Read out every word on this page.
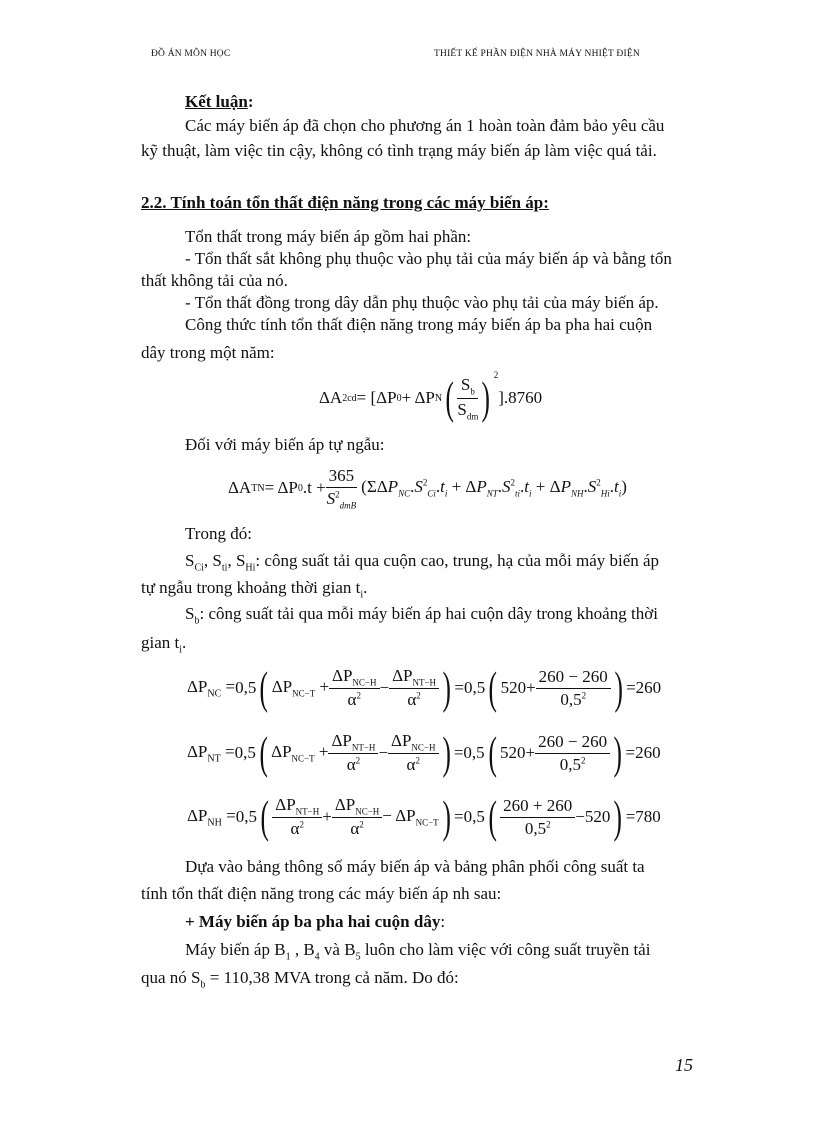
ĐỒ ÁN MÔN HỌC	THIẾT KẾ PHẦN ĐIỆN NHÀ MÁY NHIỆT ĐIỆN
Kết luận:
Các máy biến áp đã chọn cho phương án 1 hoàn toàn đảm bảo yêu cầu
kỹ thuật, làm việc tin cậy, không có tình trạng máy biến áp làm việc quá tải.
2.2. Tính toán tổn thất điện năng trong các máy biến áp:
Tổn thất trong máy biến áp gồm hai phần:
- Tổn thất sắt không phụ thuộc vào phụ tải của máy biến áp và bằng tổn
thất không tải của nó.
- Tổn thất đồng trong dây dẫn phụ thuộc vào phụ tải của máy biến áp.
Công thức tính tổn thất điện năng trong máy biến áp ba pha hai cuộn
dây trong một năm:
ΔA 2cd = [ΔP 0 + ΔP N ( $\frac{S_b}{S_{dm}}$ ) $^2$
].8760
Đối với máy biến áp tự ngẫu:
ΔA TN = ΔP 0 $.t + \frac{365}{S^2_{dmB}} (\Sigma\Delta P_{NC}.S^2_{Ci}.t_i + \Delta P_{NT}.S^2_{ti}.t_i + \Delta P_{NH}.S^2_{Hi}.t_i)$
Trong đó:
$S_{Ci}$, $S_{ti}$, $S_{Hi}$: công suất tải qua cuộn cao, trung, hạ của mỗi máy biến áp
tự ngẫu trong khoảng thời gian $t_i$.
$S_b$: công suất tải qua mỗi máy biến áp hai cuộn dây trong khoảng thời
gian $t_i$.
$\Delta P_{NC} = 0,5$ ( $\Delta P_{NC-T} + \frac{\Delta P_{NC-H}}{\alpha^2} - \frac{\Delta P_{NT-H}}{\alpha^2}$ ) = 0,5 ( $520 + \frac{260 - 260}{0,5^2}$ ) = 260
$\Delta P_{NT} = 0,5$ ( $\Delta P_{NC-T} + \frac{\Delta P_{NT-H}}{\alpha^2} - \frac{\Delta P_{NC-H}}{\alpha^2}$ ) = 0,5 ( $520 + \frac{260 - 260}{0,5^2}$ ) = 260
$\Delta P_{NH} = 0,5$ ( $\frac{\Delta P_{NT-H}}{\alpha^2} + \frac{\Delta P_{NC-H}}{\alpha^2} - \Delta P_{NC-T}$ ) = 0,5 ( $\frac{260 + 260}{0,5^2} - 520$ ) = 780
Dựa vào bảng thông số máy biến áp và bảng phân phối công suất ta
tính tổn thất điện năng trong các máy biến áp nh sau:
+ Máy biến áp ba pha hai cuộn dây:
Máy biến áp $B_1$ , $B_4$ và $B_5$ luôn cho làm việc với công suất truyền tải
qua nó $S_b = 110,38$ MVA trong cả năm. Do đó:
15
